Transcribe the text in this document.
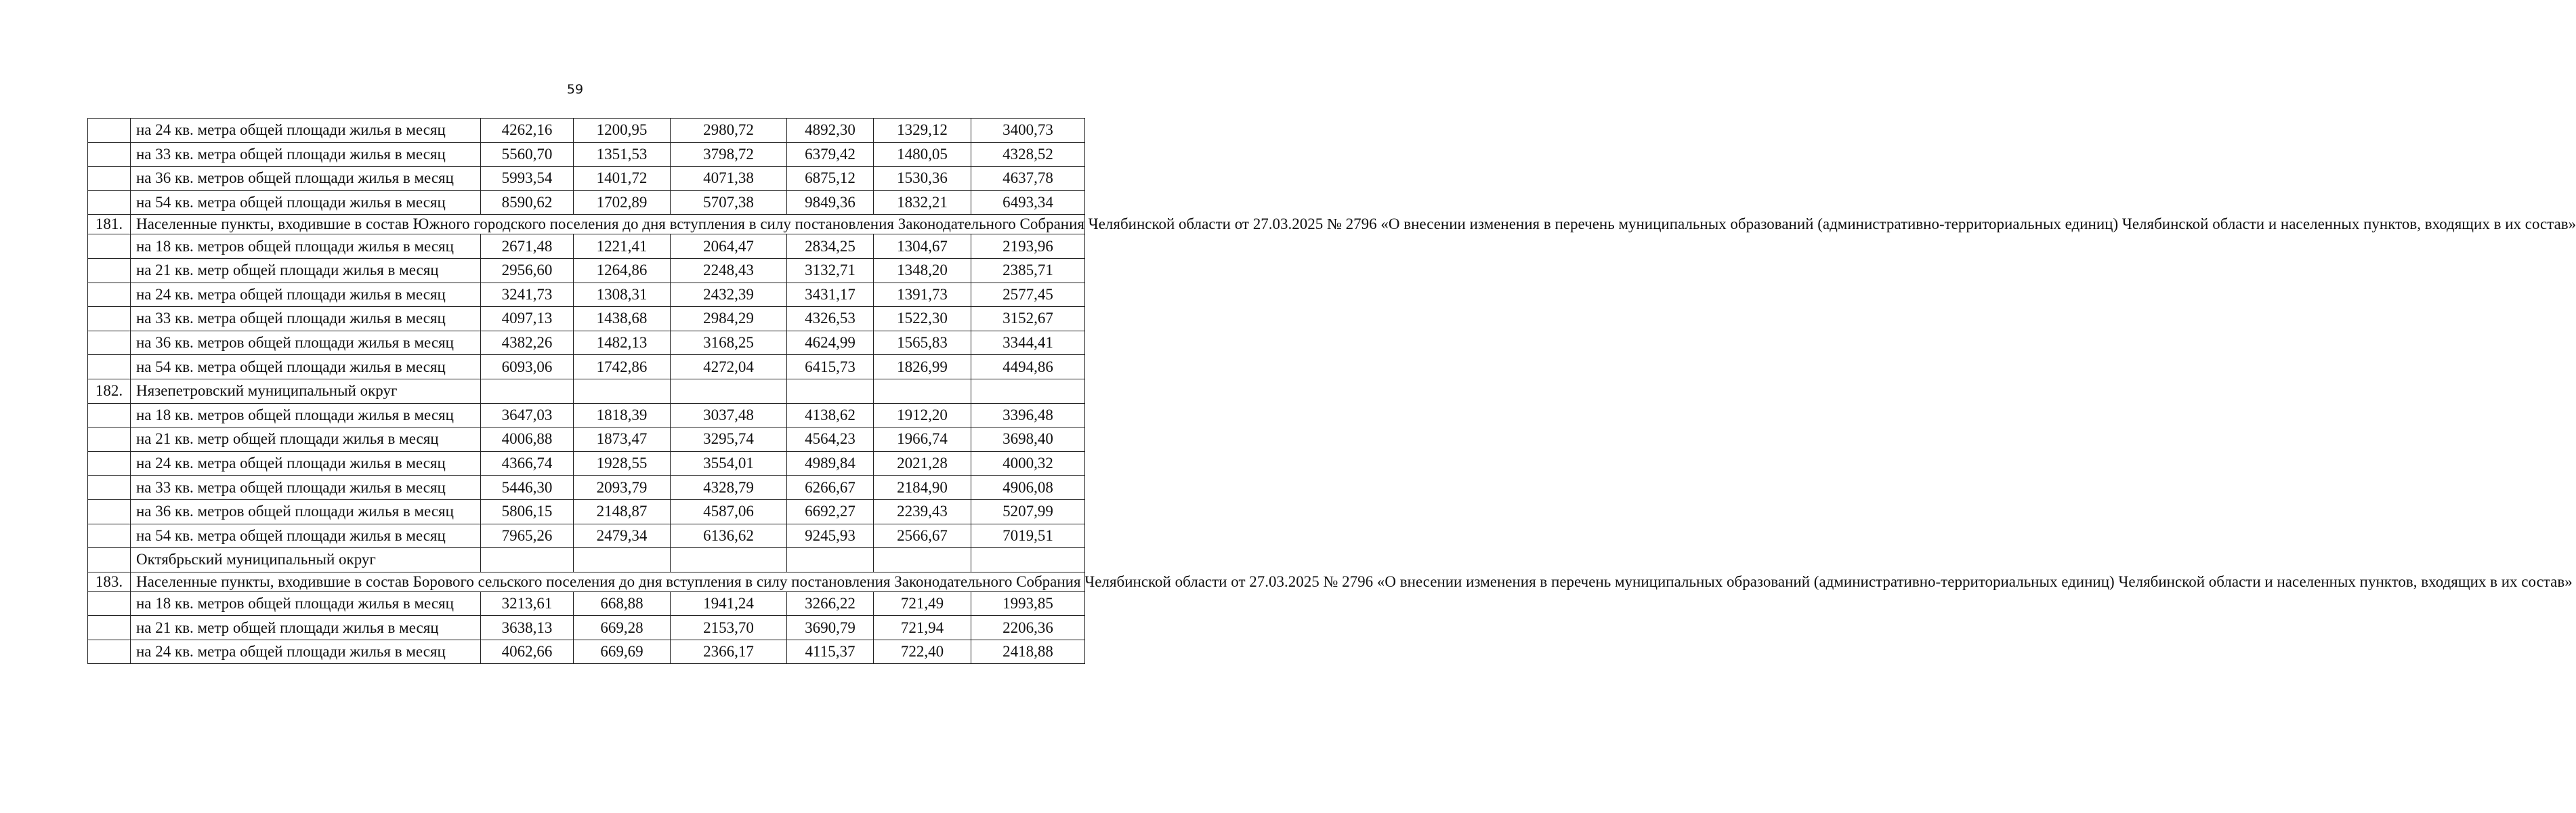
59
	на 24 кв. метра общей площади жилья в месяц	4262,16	1200,95	2980,72	4892,30	1329,12	3400,73
	на 33 кв. метра общей площади жилья в месяц	5560,70	1351,53	3798,72	6379,42	1480,05	4328,52
	на 36 кв. метров общей площади жилья в месяц	5993,54	1401,72	4071,38	6875,12	1530,36	4637,78
	на 54 кв. метра общей площади жилья в месяц	8590,62	1702,89	5707,38	9849,36	1832,21	6493,34
181.	Населенные пункты, входившие в состав Южного городского поселения до дня вступления в силу постановления Законодательного Собрания Челябинской области от 27.03.2025 № 2796 «О внесении изменения в перечень муниципальных образований (административно-территориальных единиц) Челябинской области и населенных пунктов, входящих в их состав»						
	на 18 кв. метров общей площади жилья в месяц	2671,48	1221,41	2064,47	2834,25	1304,67	2193,96
	на 21 кв. метр общей площади жилья в месяц	2956,60	1264,86	2248,43	3132,71	1348,20	2385,71
	на 24 кв. метра общей площади жилья в месяц	3241,73	1308,31	2432,39	3431,17	1391,73	2577,45
	на 33 кв. метра общей площади жилья в месяц	4097,13	1438,68	2984,29	4326,53	1522,30	3152,67
	на 36 кв. метров общей площади жилья в месяц	4382,26	1482,13	3168,25	4624,99	1565,83	3344,41
	на 54 кв. метра общей площади жилья в месяц	6093,06	1742,86	4272,04	6415,73	1826,99	4494,86
182.	Нязепетровский муниципальный округ						
	на 18 кв. метров общей площади жилья в месяц	3647,03	1818,39	3037,48	4138,62	1912,20	3396,48
	на 21 кв. метр общей площади жилья в месяц	4006,88	1873,47	3295,74	4564,23	1966,74	3698,40
	на 24 кв. метра общей площади жилья в месяц	4366,74	1928,55	3554,01	4989,84	2021,28	4000,32
	на 33 кв. метра общей площади жилья в месяц	5446,30	2093,79	4328,79	6266,67	2184,90	4906,08
	на 36 кв. метров общей площади жилья в месяц	5806,15	2148,87	4587,06	6692,27	2239,43	5207,99
	на 54 кв. метра общей площади жилья в месяц	7965,26	2479,34	6136,62	9245,93	2566,67	7019,51
	Октябрьский муниципальный округ						
183.	Населенные пункты, входившие в состав Борового сельского поселения до дня вступления в силу постановления Законодательного Собрания Челябинской области от 27.03.2025 № 2796 «О внесении изменения в перечень муниципальных образований (административно-территориальных единиц) Челябинской области и населенных пунктов, входящих в их состав»						
	на 18 кв. метров общей площади жилья в месяц	3213,61	668,88	1941,24	3266,22	721,49	1993,85
	на 21 кв. метр общей площади жилья в месяц	3638,13	669,28	2153,70	3690,79	721,94	2206,36
	на 24 кв. метра общей площади жилья в месяц	4062,66	669,69	2366,17	4115,37	722,40	2418,88
